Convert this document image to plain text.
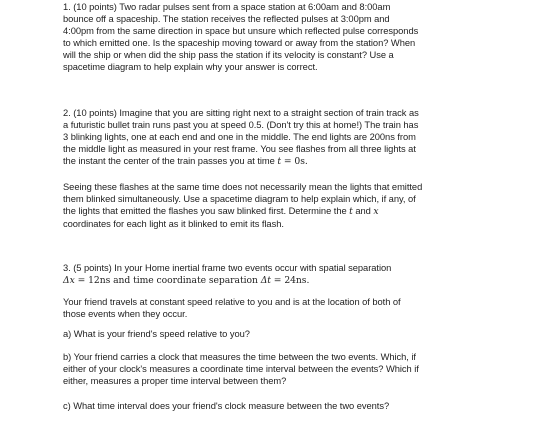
1. (10 points) Two radar pulses sent from a space station at 6:00am and 8:00am

bounce off a spaceship. The station receives the reflected pulses at 3:00pm and

4:00pm from the same direction in space but unsure which reflected pulse corresponds

to which emitted one. Is the spaceship moving toward or away from the station? When

will the ship or when did the ship pass the station if its velocity is constant? Use a

spacetime diagram to help explain why your answer is correct.

2. (10 points) Imagine that you are sitting right next to a straight section of train track as

a futuristic bullet train runs past you at speed 0.5. (Don't try this at home!) The train has

3 blinking lights, one at each end and one in the middle. The end lights are 200ns from

the middle light as measured in your rest frame. You see flashes from all three lights at

the instant the center of the train passes you at time t = 0s.

Seeing these flashes at the same time does not necessarily mean the lights that emitted

them blinked simultaneously. Use a spacetime diagram to help explain which, if any, of

the lights that emitted the flashes you saw blinked first. Determine the t and x

coordinates for each light as it blinked to emit its flash.

3. (5 points) In your Home inertial frame two events occur with spatial separation

Δx = 12ns and time coordinate separation Δt = 24ns.

Your friend travels at constant speed relative to you and is at the location of both of

those events when they occur.

a) What is your friend's speed relative to you?

b) Your friend carries a clock that measures the time between the two events. Which, if

either of your clock's measures a coordinate time interval between the events? Which if

either, measures a proper time interval between them?

c) What time interval does your friend's clock measure between the two events?
